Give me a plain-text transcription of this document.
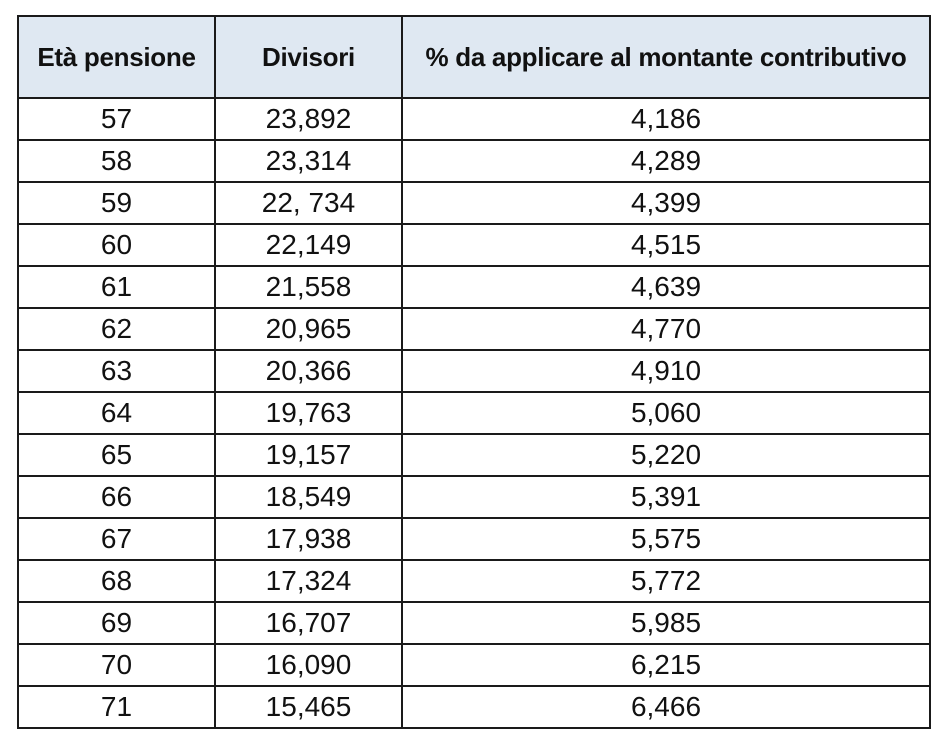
Età pensione	Divisori	% da applicare al montante contributivo
57	23,892	4,186
58	23,314	4,289
59	22, 734	4,399
60	22,149	4,515
61	21,558	4,639
62	20,965	4,770
63	20,366	4,910
64	19,763	5,060
65	19,157	5,220
66	18,549	5,391
67	17,938	5,575
68	17,324	5,772
69	16,707	5,985
70	16,090	6,215
71	15,465	6,466
